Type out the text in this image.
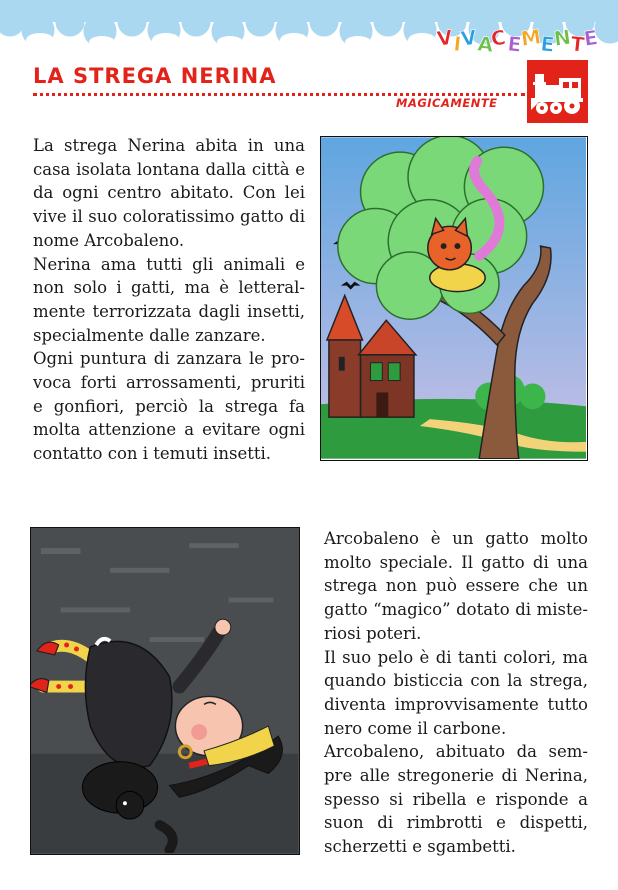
V
I
V
A
C E
M
E
N
T
E
LA STREGA NERINA
MAGICAMENTE

La strega Nerina abita in una casa isolata lontana dalla città e da ogni centro abitato. Con lei vive il suo coloratissimo gatto di nome Arcobaleno.

Nerina ama tutti gli animali e non solo i gatti, ma è letteralmente terrorizzata dagli insetti, specialmente dalle zanzare.

Ogni puntura di zanzara le provoca forti arrossamenti, pruriti e gonfiori, perciò la strega fa molta attenzione a evitare ogni contatto con i temuti insetti.

Arcobaleno è un gatto molto molto speciale. Il gatto di una strega non può essere che un gatto “magico” dotato di misteriosi poteri.

Il suo pelo è di tanti colori, ma quando bisticcia con la strega, diventa improvvisamente tutto nero come il carbone.

Arcobaleno, abituato da sempre alle stregonerie di Nerina, spesso si ribella e risponde a suon di rimbrotti e dispetti, scherzetti e sgambetti.
